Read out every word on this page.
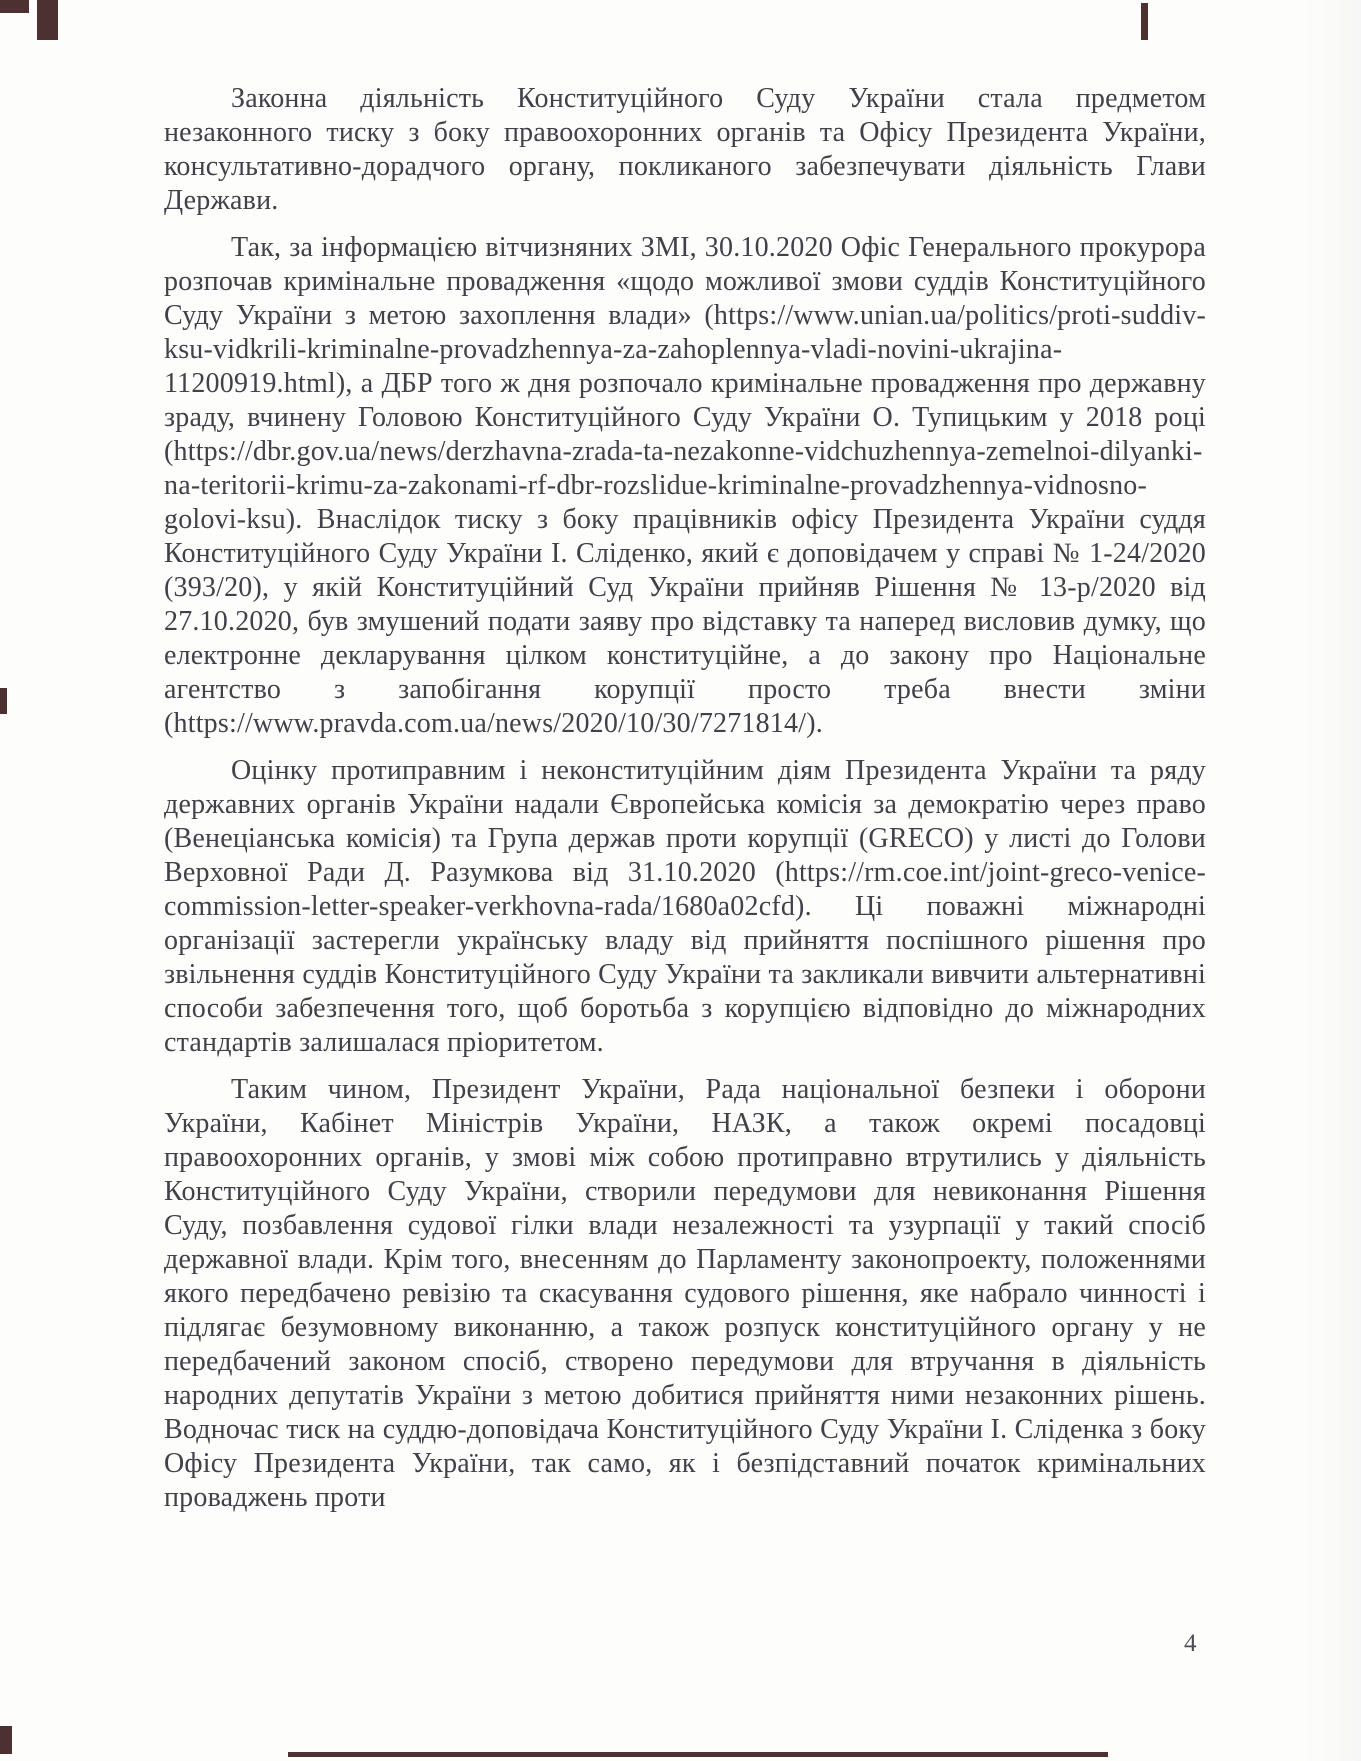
Законна діяльність Конституційного Суду України стала предметом незаконного тиску з боку правоохоронних органів та Офісу Президента України, консультативно-дорадчого органу, покликаного забезпечувати діяльність Глави Держави.

Так, за інформацією вітчизняних ЗМІ, 30.10.2020 Офіс Генерального прокурора розпочав кримінальне провадження «щодо можливої змови суддів Конституційного Суду України з метою захоплення влади» (https://www.unian.ua/politics/proti-suddiv-ksu-vidkrili-kriminalne-provadzhennya-za-zahoplennya-vladi-novini-ukrajina-11200919.html), а ДБР того ж дня розпочало кримінальне провадження про державну зраду, вчинену Головою Конституційного Суду України О. Тупицьким у 2018 році (https://dbr.gov.ua/news/derzhavna-zrada-ta-nezakonne-vidchuzhennya-zemelnoi-dilyanki-na-teritorii-krimu-za-zakonami-rf-dbr-rozslidue-kriminalne-provadzhennya-vidnosno-golovi-ksu). Внаслідок тиску з боку працівників офісу Президента України суддя Конституційного Суду України І. Сліденко, який є доповідачем у справі № 1-24/2020 (393/20), у якій Конституційний Суд України прийняв Рішення № 13-р/2020 від 27.10.2020, був змушений подати заяву про відставку та наперед висловив думку, що електронне декларування цілком конституційне, а до закону про Національне агентство з запобігання корупції просто треба внести зміни (https://www.pravda.com.ua/news/2020/10/30/7271814/).

Оцінку протиправним і неконституційним діям Президента України та ряду державних органів України надали Європейська комісія за демократію через право (Венеціанська комісія) та Група держав проти корупції (GRECO) у листі до Голови Верховної Ради Д. Разумкова від 31.10.2020 (https://rm.coe.int/joint-greco-venice-commission-letter-speaker-verkhovna-rada/1680a02cfd). Ці поважні міжнародні організації застерегли українську владу від прийняття поспішного рішення про звільнення суддів Конституційного Суду України та закликали вивчити альтернативні способи забезпечення того, щоб боротьба з корупцією відповідно до міжнародних стандартів залишалася пріоритетом.

Таким чином, Президент України, Рада національної безпеки і оборони України, Кабінет Міністрів України, НАЗК, а також окремі посадовці правоохоронних органів, у змові між собою протиправно втрутились у діяльність Конституційного Суду України, створили передумови для невиконання Рішення Суду, позбавлення судової гілки влади незалежності та узурпації у такий спосіб державної влади. Крім того, внесенням до Парламенту законопроекту, положеннями якого передбачено ревізію та скасування судового рішення, яке набрало чинності і підлягає безумовному виконанню, а також розпуск конституційного органу у не передбачений законом спосіб, створено передумови для втручання в діяльність народних депутатів України з метою добитися прийняття ними незаконних рішень. Водночас тиск на суддю-доповідача Конституційного Суду України І. Сліденка з боку Офісу Президента України, так само, як і безпідставний початок кримінальних проваджень проти

4
